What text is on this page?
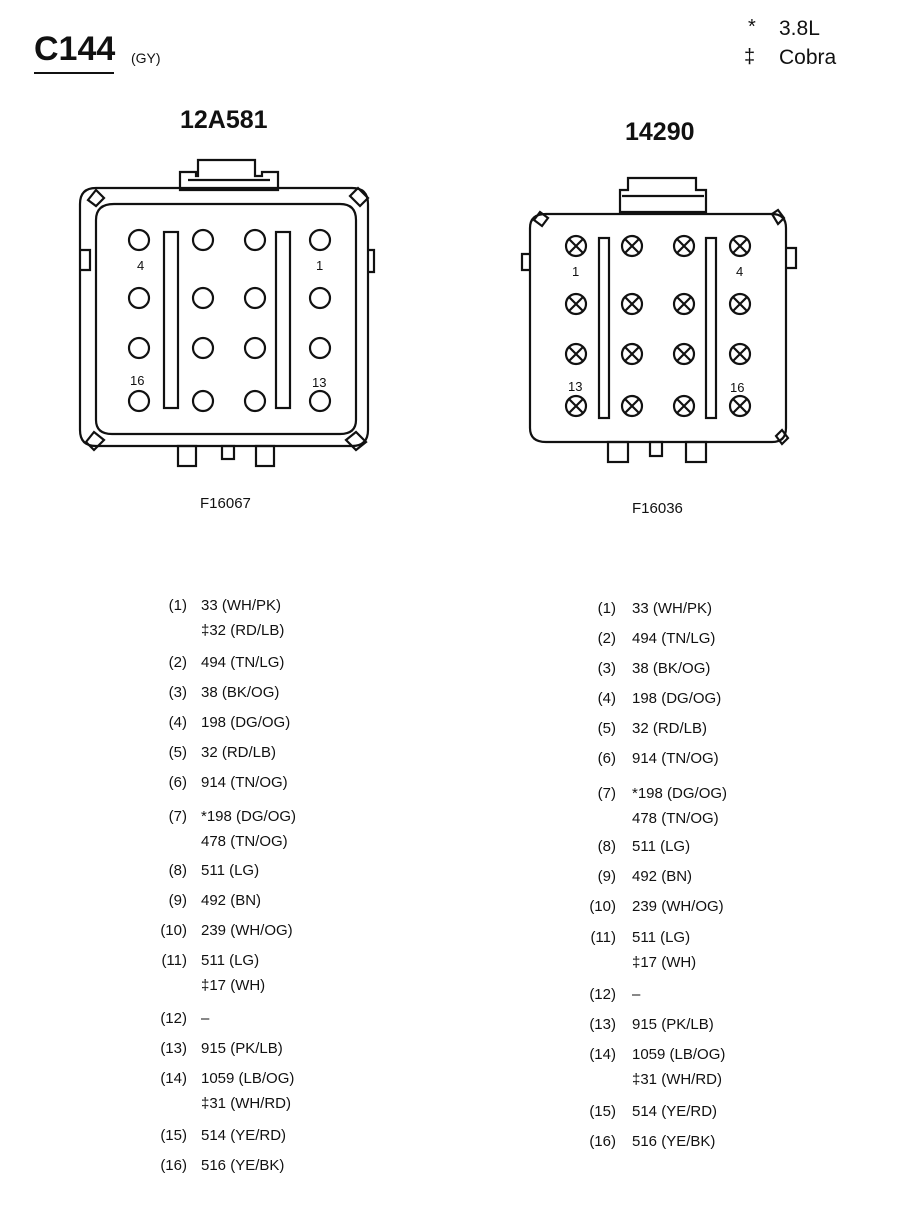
C144 (GY)
* 3.8L
‡ Cobra
12A581	14290
4	1
16	13
1	4
13	16
F16067	F16036
(1) 33 (WH/PK)
‡32 (RD/LB)
(2) 494 (TN/LG)
(3) 38 (BK/OG)
(4) 198 (DG/OG)
(5) 32 (RD/LB)
(6) 914 (TN/OG)
(7) *198 (DG/OG)
478 (TN/OG)
(8) 511 (LG)
(9) 492 (BN)
(10) 239 (WH/OG)
(11) 511 (LG)
‡17 (WH)
(12) –
(13) 915 (PK/LB)
(14) 1059 (LB/OG)
‡31 (WH/RD)
(15) 514 (YE/RD)
(16) 516 (YE/BK)
(1) 33 (WH/PK)
(2) 494 (TN/LG)
(3) 38 (BK/OG)
(4) 198 (DG/OG)
(5) 32 (RD/LB)
(6) 914 (TN/OG)
(7) *198 (DG/OG)
478 (TN/OG)
(8) 511 (LG)
(9) 492 (BN)
(10) 239 (WH/OG)
(11) 511 (LG)
‡17 (WH)
(12) –
(13) 915 (PK/LB)
(14) 1059 (LB/OG)
‡31 (WH/RD)
(15) 514 (YE/RD)
(16) 516 (YE/BK)
